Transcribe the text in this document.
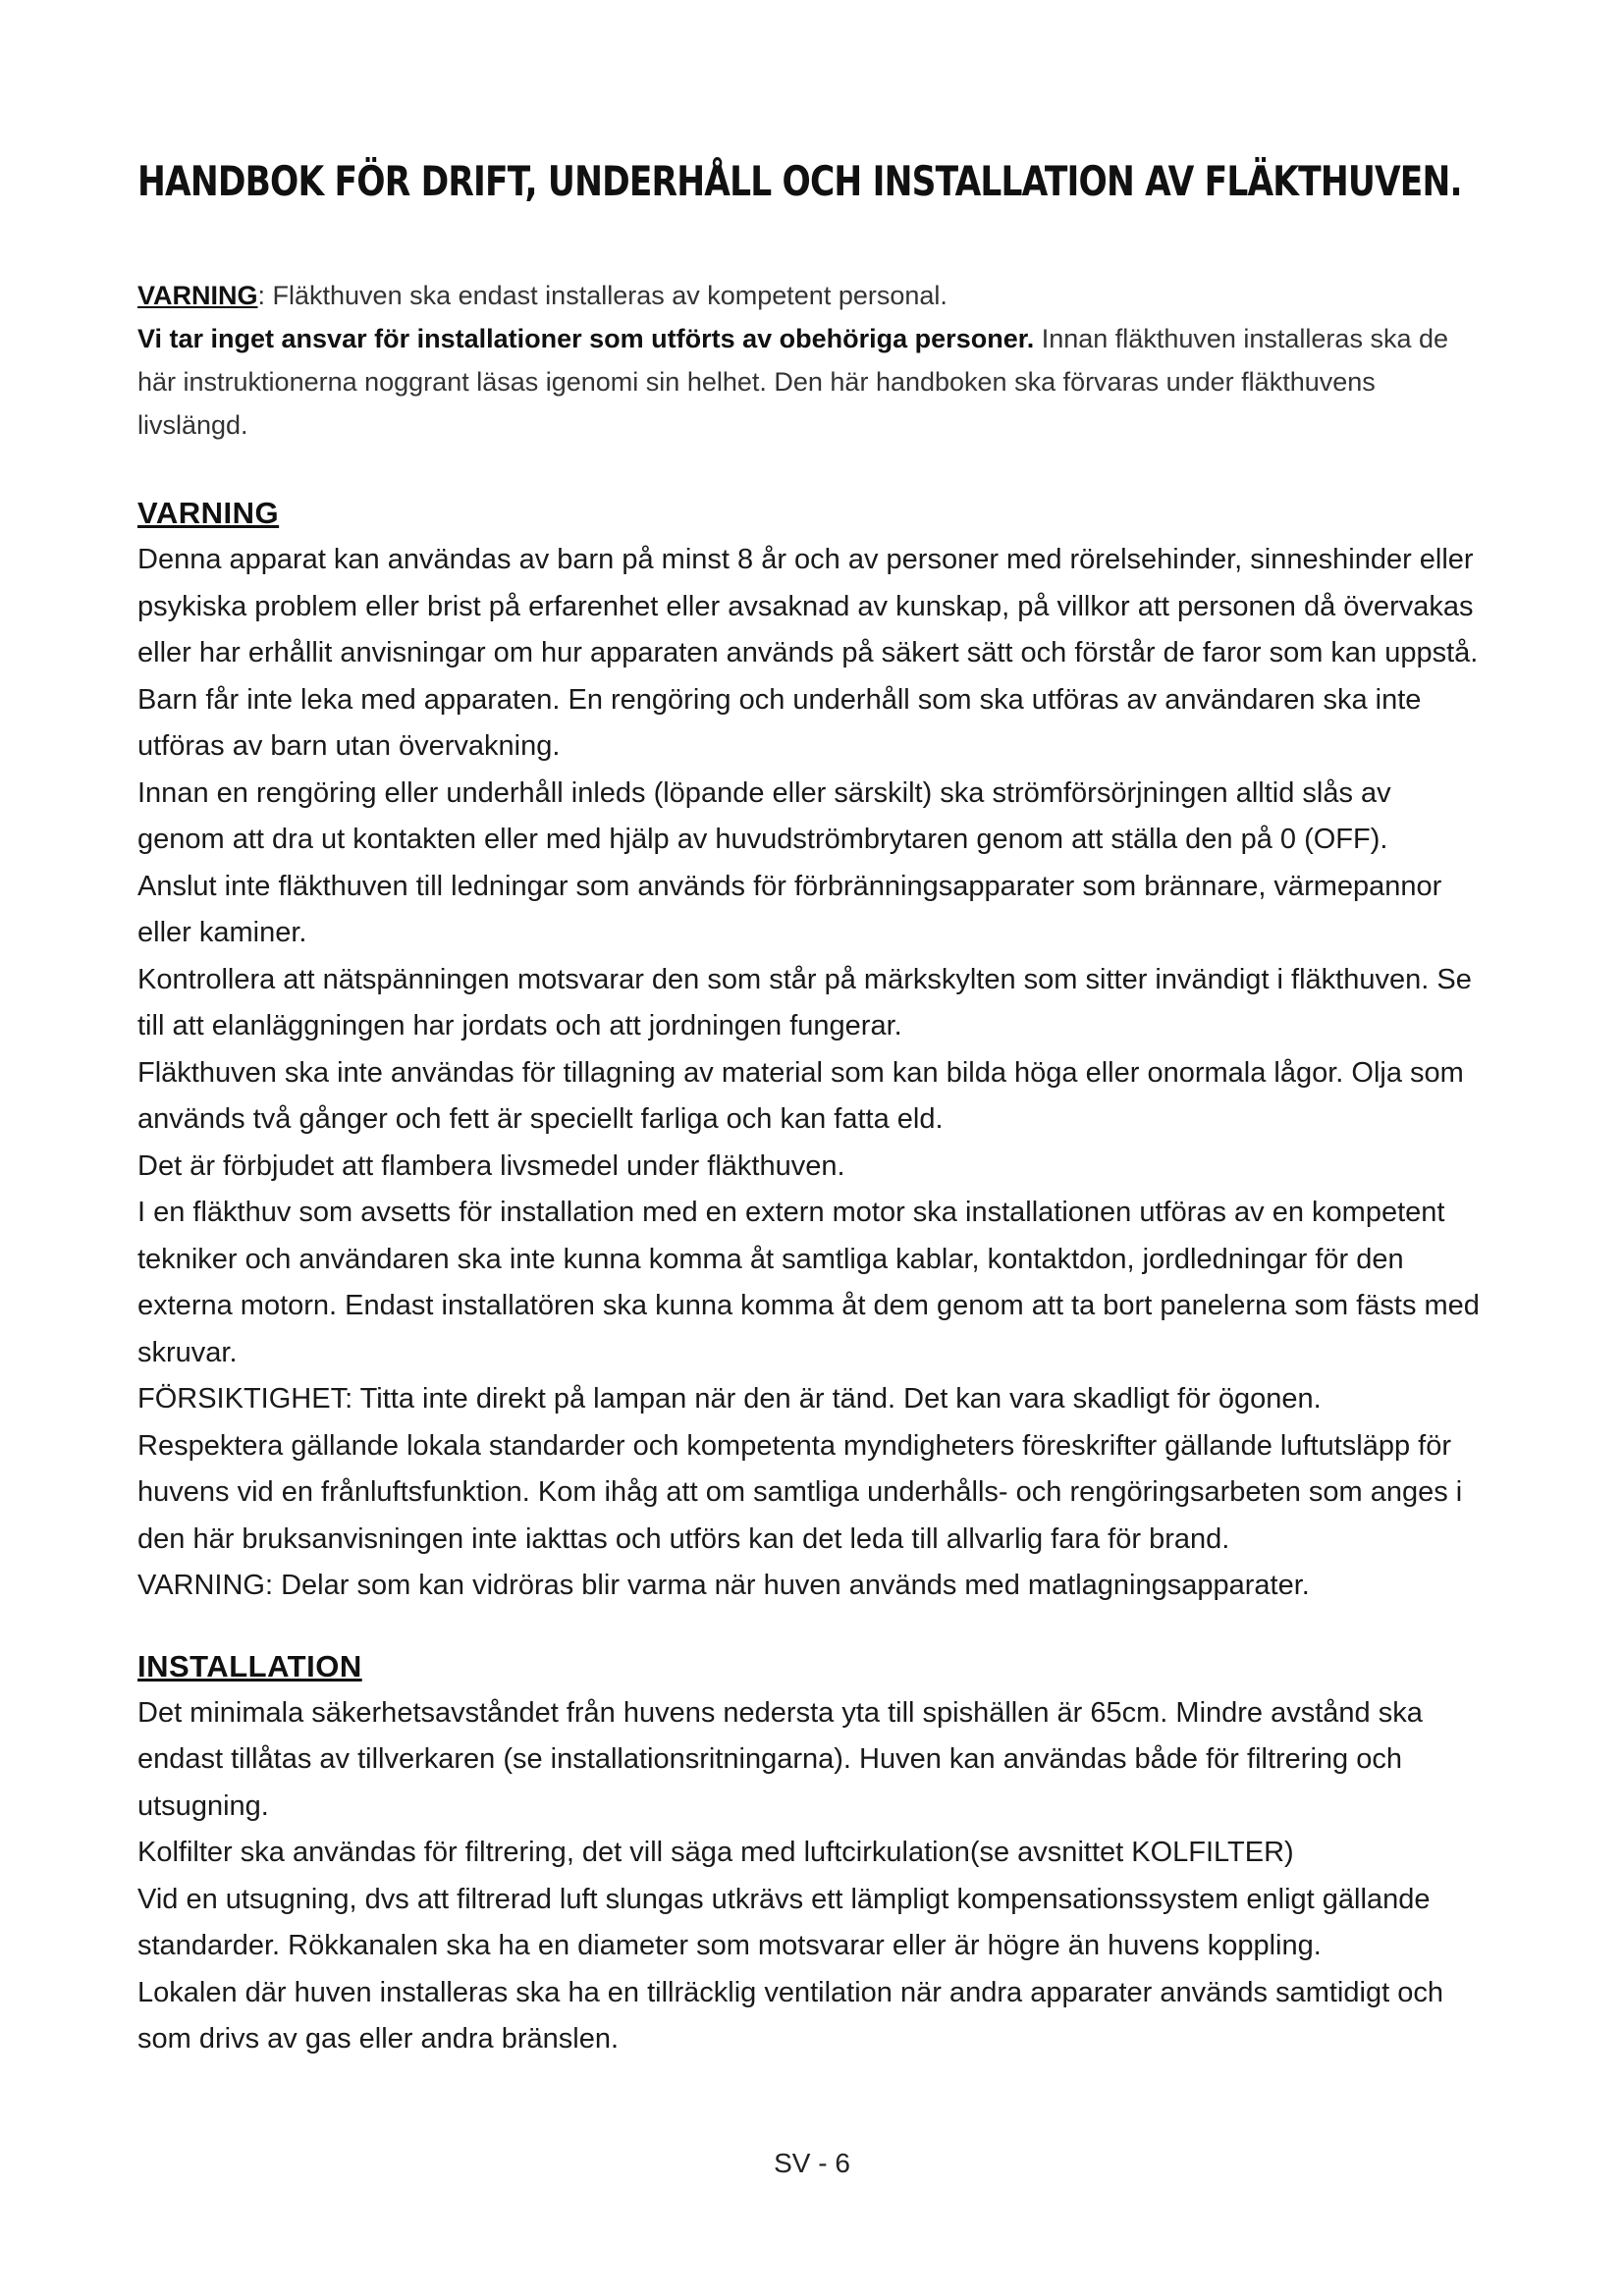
HANDBOK FÖR DRIFT, UNDERHÅLL OCH INSTALLATION AV FLÄKTHUVEN.
VARNING: Fläkthuven ska endast installeras av kompetent personal.
Vi tar inget ansvar för installationer som utförts av obehöriga personer. Innan fläkthuven installeras ska de här instruktionerna noggrant läsas igenomi sin helhet. Den här handboken ska förvaras under fläkthuvens livslängd.
VARNING

Denna apparat kan användas av barn på minst 8 år och av personer med rörelsehinder, sinneshinder eller psykiska problem eller brist på erfarenhet eller avsaknad av kunskap, på villkor att personen då övervakas eller har erhållit anvisningar om hur apparaten används på säkert sätt och förstår de faror som kan uppstå. Barn får inte leka med apparaten. En rengöring och underhåll som ska utföras av användaren ska inte utföras av barn utan övervakning.

Innan en rengöring eller underhåll inleds (löpande eller särskilt) ska strömförsörjningen alltid slås av genom att dra ut kontakten eller med hjälp av huvudströmbrytaren genom att ställa den på 0 (OFF).

Anslut inte fläkthuven till ledningar som används för förbränningsapparater som brännare, värmepannor eller kaminer.

Kontrollera att nätspänningen motsvarar den som står på märkskylten som sitter invändigt i fläkthuven. Se till att elanläggningen har jordats och att jordningen fungerar.

Fläkthuven ska inte användas för tillagning av material som kan bilda höga eller onormala lågor. Olja som används två gånger och fett är speciellt farliga och kan fatta eld.

Det är förbjudet att flambera livsmedel under fläkthuven.

I en fläkthuv som avsetts för installation med en extern motor ska installationen utföras av en kompetent tekniker och användaren ska inte kunna komma åt samtliga kablar, kontaktdon, jordledningar för den externa motorn. Endast installatören ska kunna komma åt dem genom att ta bort panelerna som fästs med skruvar.

FÖRSIKTIGHET: Titta inte direkt på lampan när den är tänd. Det kan vara skadligt för ögonen.

Respektera gällande lokala standarder och kompetenta myndigheters föreskrifter gällande luftutsläpp för huvens vid en frånluftsfunktion. Kom ihåg att om samtliga underhålls- och rengöringsarbeten som anges i den här bruksanvisningen inte iakttas och utförs kan det leda till allvarlig fara för brand.

VARNING: Delar som kan vidröras blir varma när huven används med matlagningsapparater.

INSTALLATION

Det minimala säkerhetsavståndet från huvens nedersta yta till spishällen är 65cm. Mindre avstånd ska endast tillåtas av tillverkaren (se installationsritningarna). Huven kan användas både för filtrering och utsugning.

Kolfilter ska användas för filtrering, det vill säga med luftcirkulation(se avsnittet KOLFILTER)

Vid en utsugning, dvs att filtrerad luft slungas utkrävs ett lämpligt kompensationssystem enligt gällande standarder. Rökkanalen ska ha en diameter som motsvarar eller är högre än huvens koppling.

Lokalen där huven installeras ska ha en tillräcklig ventilation när andra apparater används samtidigt och som drivs av gas eller andra bränslen.

SV - 6
